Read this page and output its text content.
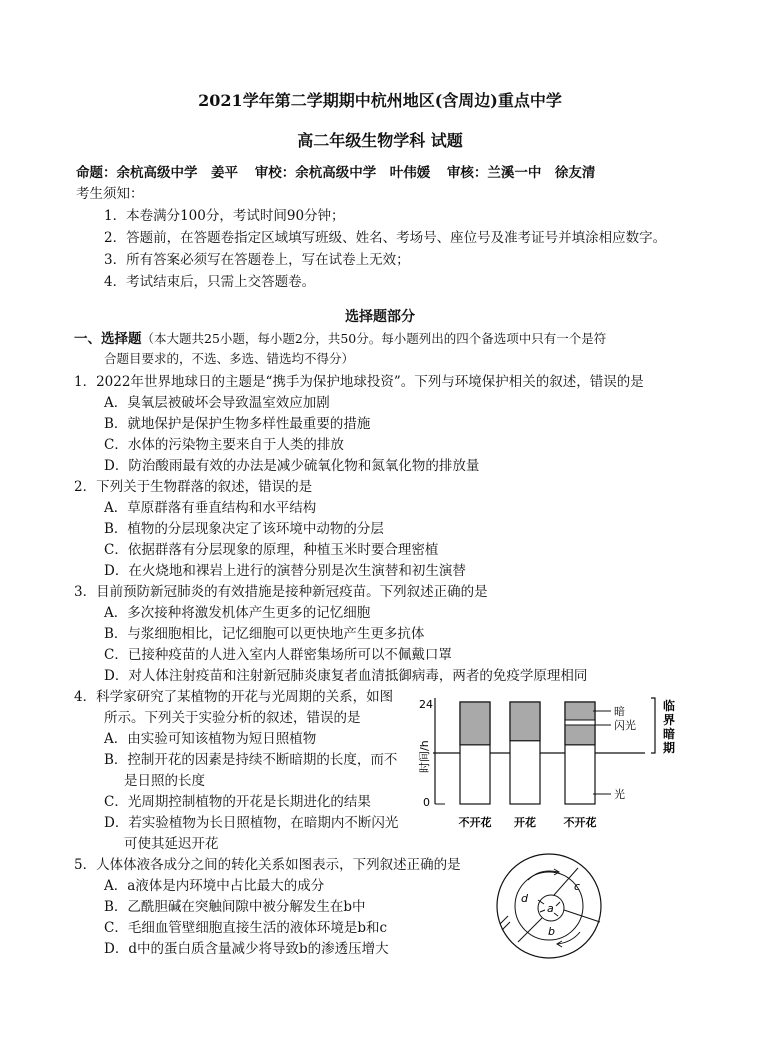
2021学年第二学期期中杭州地区(含周边)重点中学
高二年级生物学科 试题
命题：余杭高级中学　姜平 审校：余杭高级中学　叶伟媛 审核：兰溪一中　徐友清
考生须知：
1．本卷满分100分，考试时间90分钟；
2．答题前，在答题卷指定区域填写班级、姓名、考场号、座位号及准考证号并填涂相应数字。
3．所有答案必须写在答题卷上，写在试卷上无效；
4．考试结束后，只需上交答题卷。
选择题部分
一、选择题（本大题共25小题，每小题2分，共50分。每小题列出的四个备选项中只有一个是符
合题目要求的，不选、多选、错选均不得分）
1．2022年世界地球日的主题是“携手为保护地球投资”。下列与环境保护相关的叙述，错误的是
A．臭氧层被破坏会导致温室效应加剧
B．就地保护是保护生物多样性最重要的措施
C．水体的污染物主要来自于人类的排放
D．防治酸雨最有效的办法是减少硫氧化物和氮氧化物的排放量
2．下列关于生物群落的叙述，错误的是
A．草原群落有垂直结构和水平结构
B．植物的分层现象决定了该环境中动物的分层
C．依据群落有分层现象的原理，种植玉米时要合理密植
D．在火烧地和裸岩上进行的演替分别是次生演替和初生演替
3．目前预防新冠肺炎的有效措施是接种新冠疫苗。下列叙述正确的是
A．多次接种将激发机体产生更多的记忆细胞
B．与浆细胞相比，记忆细胞可以更快地产生更多抗体
C．已接种疫苗的人进入室内人群密集场所可以不佩戴口罩
D．对人体注射疫苗和注射新冠肺炎康复者血清抵御病毒，两者的免疫学原理相同
4．科学家研究了某植物的开花与光周期的关系，如图
所示。下列关于实验分析的叙述，错误的是
A．由实验可知该植物为短日照植物
B．控制开花的因素是持续不断暗期的长度，而不
是日照的长度
C．光周期控制植物的开花是长期进化的结果
D．若实验植物为长日照植物，在暗期内不断闪光
可使其延迟开花
时间/h
24
0
不开花 开花	不开花
暗
闪光
光
临
界
暗
期
5．人体体液各成分之间的转化关系如图表示，下列叙述正确的是
A．a液体是内环境中占比最大的成分
B．乙酰胆碱在突触间隙中被分解发生在b中
C．毛细血管壁细胞直接生活的液体环境是b和c
D．d中的蛋白质含量减少将导致b的渗透压增大
a
b
c
d
